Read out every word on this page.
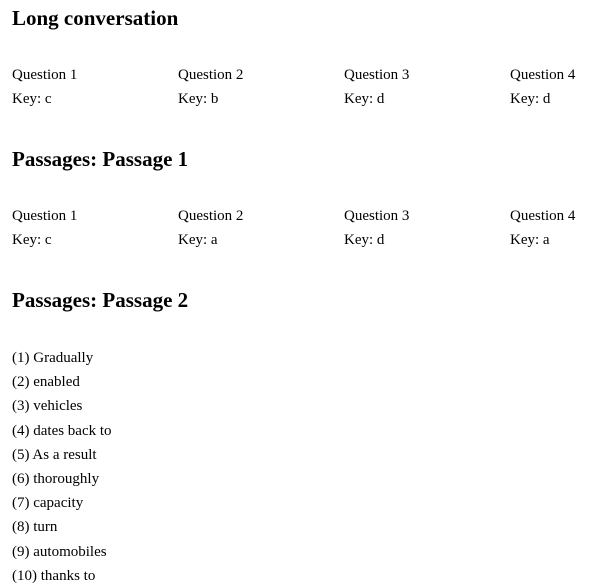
Long conversation
Question 1	Question 2	Question 3	Question 4
Key: c	Key: b	Key: d	Key: d
Passages: Passage 1
Question 1	Question 2	Question 3	Question 4
Key: c	Key: a	Key: d	Key: a
Passages: Passage 2
(1) Gradually
(2) enabled
(3) vehicles
(4) dates back to
(5) As a result
(6) thoroughly
(7) capacity
(8) turn
(9) automobiles
(10) thanks to
